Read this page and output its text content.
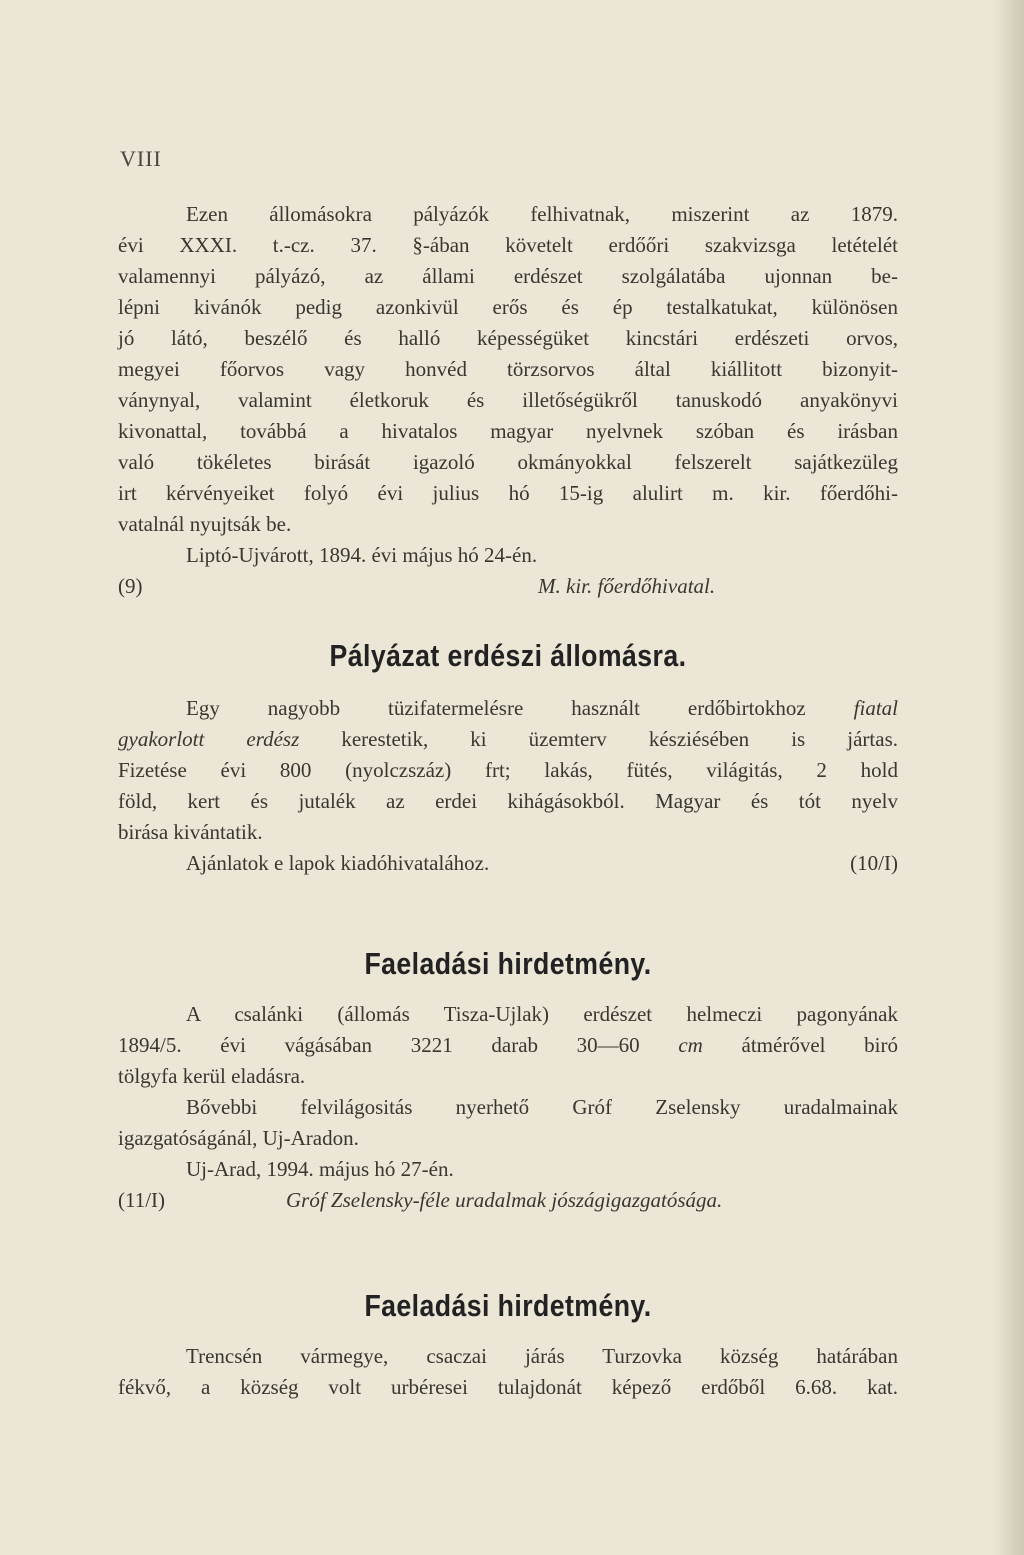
VIII
Ezen állomásokra pályázók felhivatnak, miszerint az 1879.
évi XXXI. t.-cz. 37. §-ában követelt erdőőri szakvizsga letételét
valamennyi pályázó, az állami erdészet szolgálatába ujonnan be-
lépni kivánók pedig azonkivül erős és ép testalkatukat, különösen
jó látó, beszélő és halló képességüket kincstári erdészeti orvos,
megyei főorvos vagy honvéd törzsorvos által kiállitott bizonyit-
ványnyal, valamint életkoruk és illetőségükről tanuskodó anyakönyvi
kivonattal, továbbá a hivatalos magyar nyelvnek szóban és irásban
való tökéletes birását igazoló okmányokkal felszerelt sajátkezüleg
irt kérvényeiket folyó évi julius hó 15-ig alulirt m. kir. főerdőhi-
vatalnál nyujtsák be.
Liptó-Ujvárott, 1894. évi május hó 24-én.
(9)	M. kir. főerdőhivatal.
Pályázat erdészi állomásra.
Egy nagyobb tüzifatermelésre használt erdőbirtokhoz fiatal
gyakorlott erdész kerestetik, ki üzemterv késziésében is jártas.
Fizetése évi 800 (nyolczszáz) frt; lakás, fütés, világitás, 2 hold
föld, kert és jutalék az erdei kihágásokból. Magyar és tót nyelv
birása kivántatik.
Ajánlatok e lapok kiadóhivatalához.	(10/I)
Faeladási hirdetmény.
A csalánki (állomás Tisza-Ujlak) erdészet helmeczi pagonyának
1894/5. évi vágásában 3221 darab 30—60 cm átmérővel biró
tölgyfa kerül eladásra.
Bővebbi felvilágositás nyerhető Gróf Zselensky uradalmainak
igazgatóságánál, Uj-Aradon.
Uj-Arad, 1994. május hó 27-én.
(11/I)	Gróf Zselensky-féle uradalmak jószágigazgatósága.
Faeladási hirdetmény.
Trencsén vármegye, csaczai járás Turzovka község határában
fékvő, a község volt urbéresei tulajdonát képező erdőből 6.68. kat.
